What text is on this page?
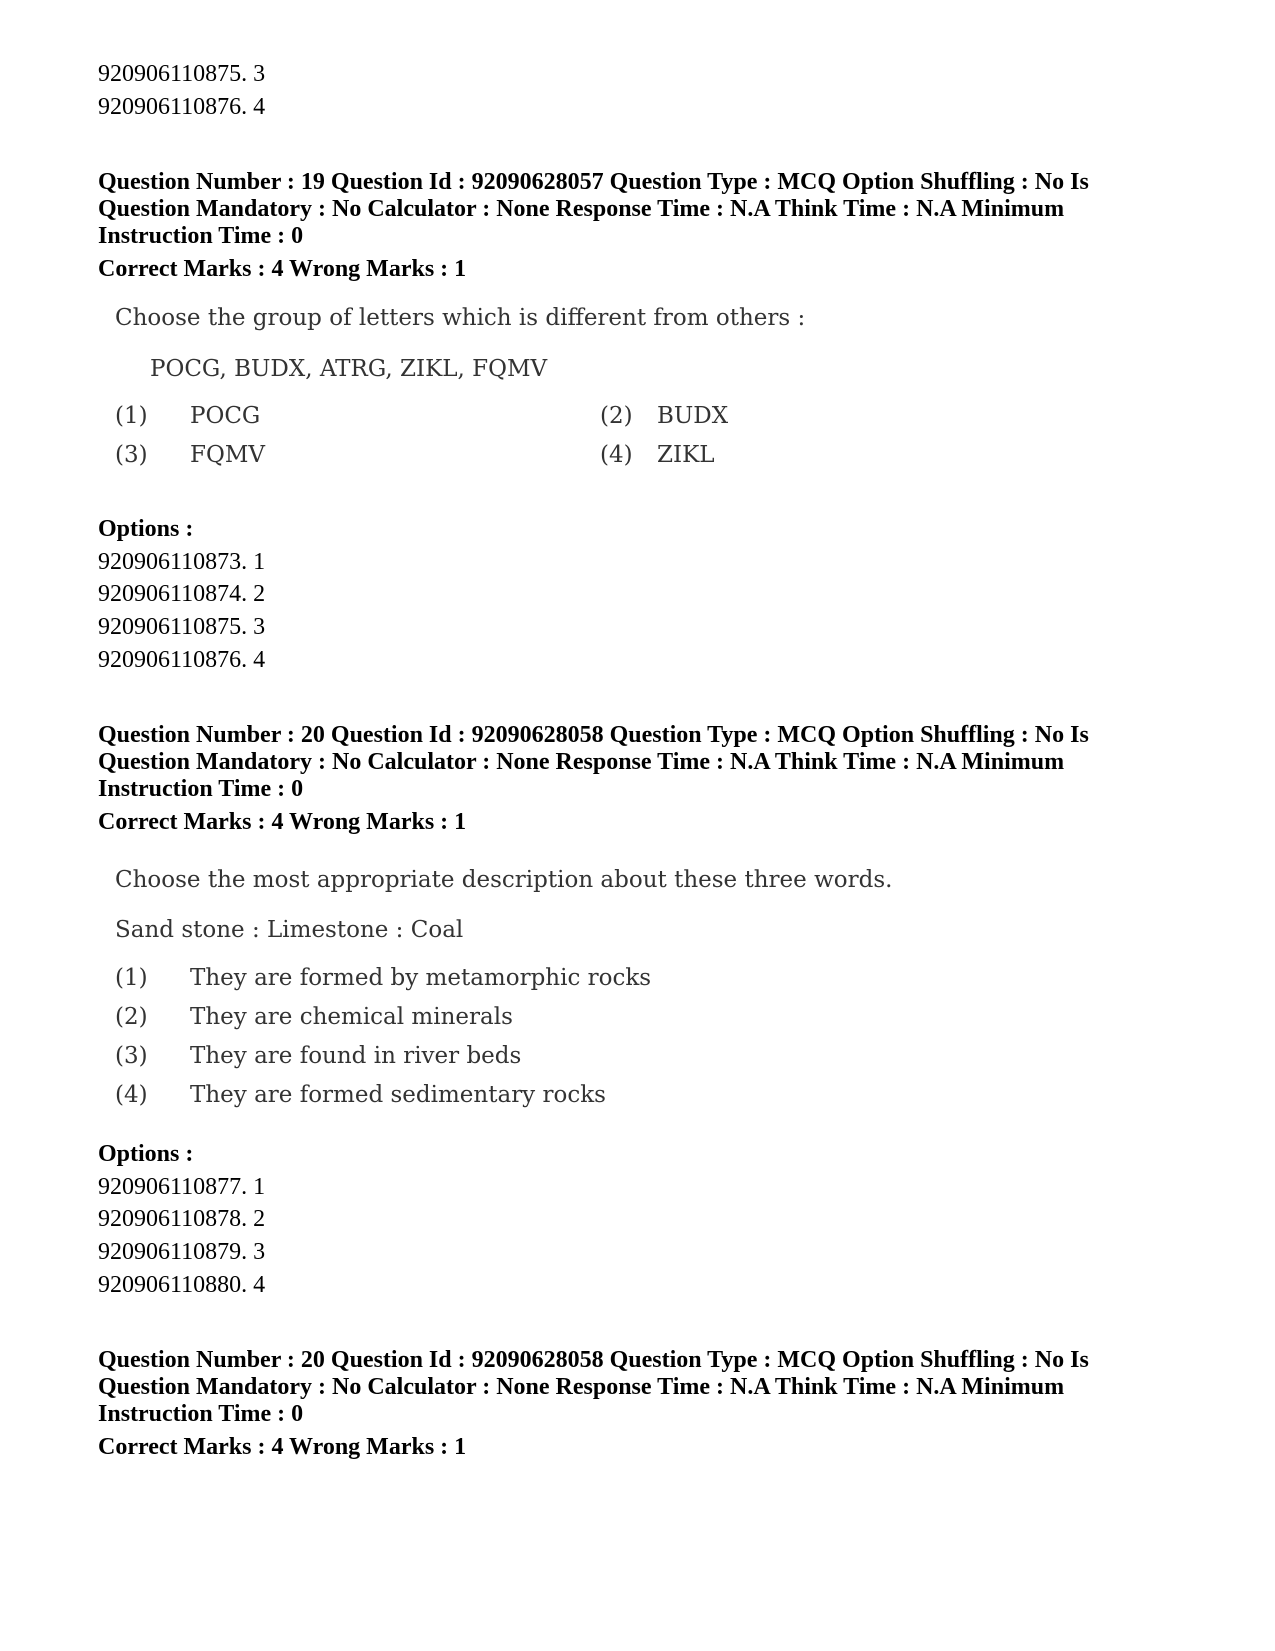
920906110875. 3
920906110876. 4
Question Number : 19 Question Id : 92090628057 Question Type : MCQ Option Shuffling : No Is
Question Mandatory : No Calculator : None Response Time : N.A Think Time : N.A Minimum
Instruction Time : 0
Correct Marks : 4 Wrong Marks : 1
Choose the group of letters which is different from others :
POCG, BUDX, ATRG, ZIKL, FQMV
(1) POCG	(2) BUDX
(3) FQMV	(4) ZIKL
Options :
920906110873. 1
920906110874. 2
920906110875. 3
920906110876. 4
Question Number : 20 Question Id : 92090628058 Question Type : MCQ Option Shuffling : No Is
Question Mandatory : No Calculator : None Response Time : N.A Think Time : N.A Minimum
Instruction Time : 0
Correct Marks : 4 Wrong Marks : 1
Choose the most appropriate description about these three words.
Sand stone : Limestone : Coal
(1) They are formed by metamorphic rocks
(2) They are chemical minerals
(3) They are found in river beds
(4) They are formed sedimentary rocks
Options :
920906110877. 1
920906110878. 2
920906110879. 3
920906110880. 4
Question Number : 20 Question Id : 92090628058 Question Type : MCQ Option Shuffling : No Is
Question Mandatory : No Calculator : None Response Time : N.A Think Time : N.A Minimum
Instruction Time : 0
Correct Marks : 4 Wrong Marks : 1
